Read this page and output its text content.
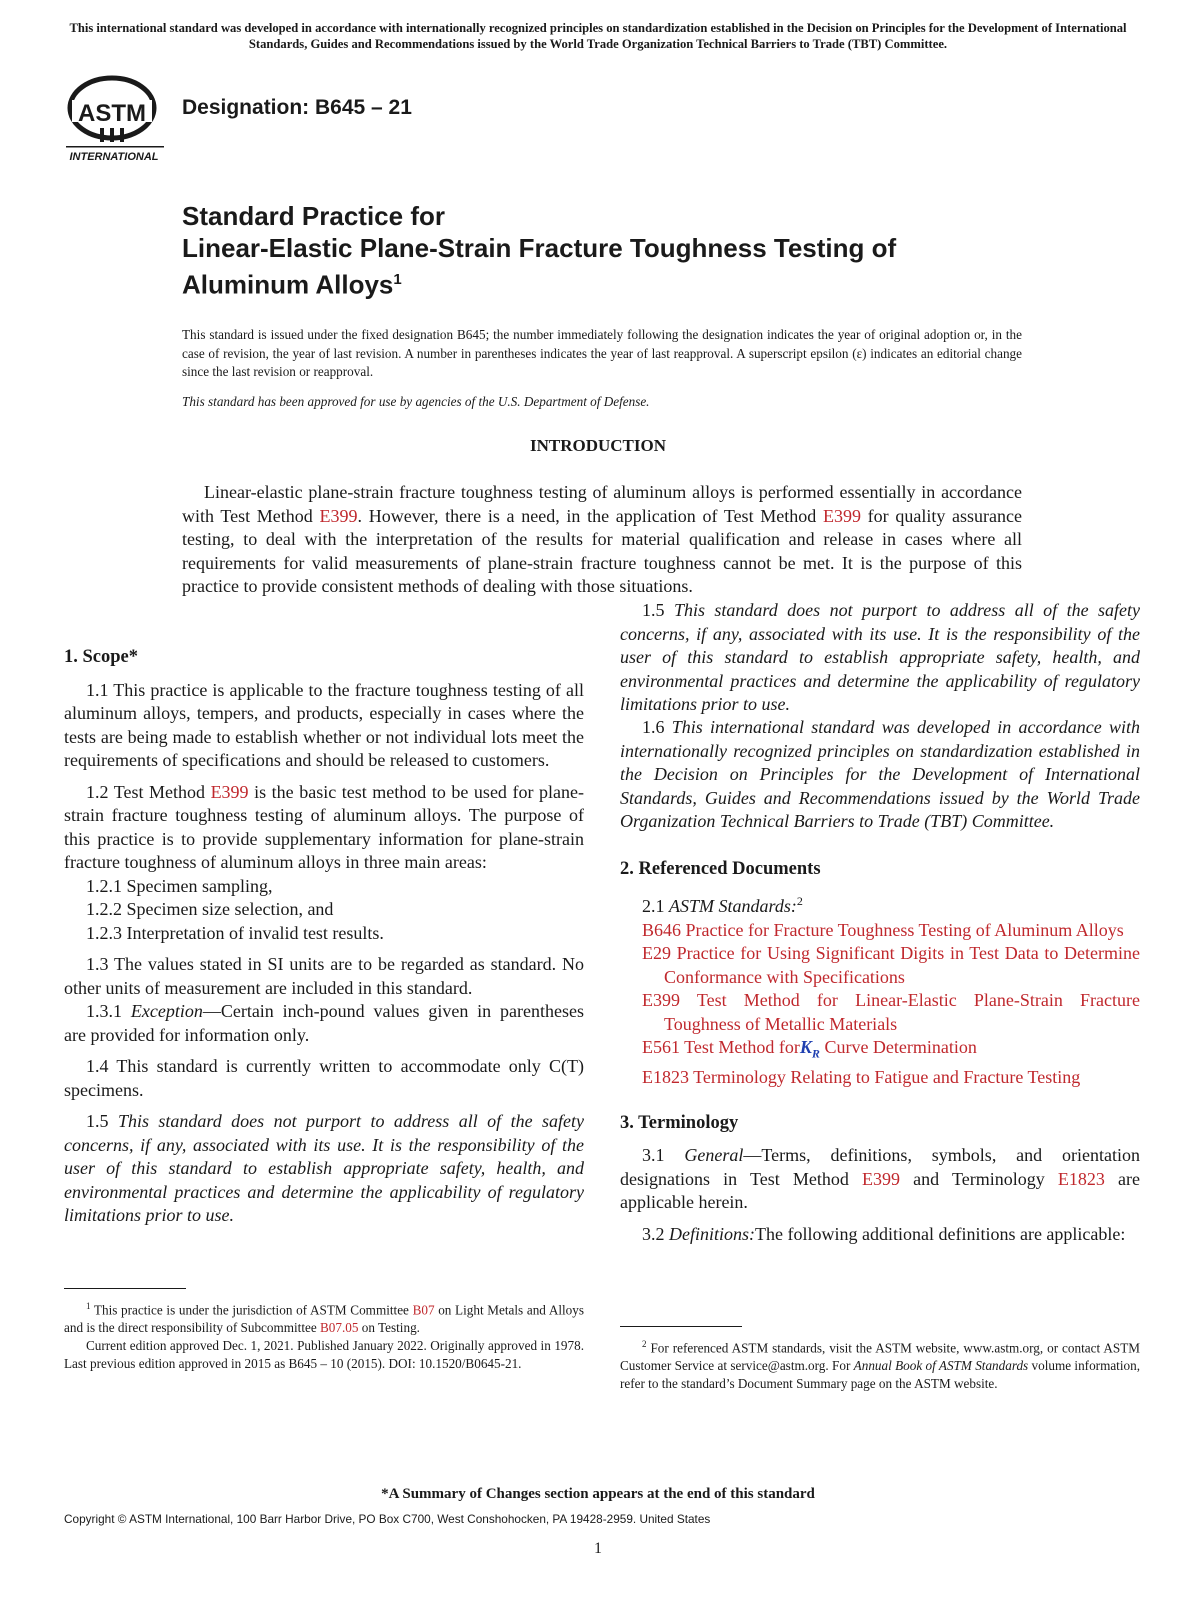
This international standard was developed in accordance with internationally recognized principles on standardization established in the Decision on Principles for the Development of International Standards, Guides and Recommendations issued by the World Trade Organization Technical Barriers to Trade (TBT) Committee.
ASTM
INTERNATIONAL
Designation: B645 – 21
Standard Practice for
Linear-Elastic Plane-Strain Fracture Toughness Testing of
Aluminum Alloys$^1$
This standard is issued under the fixed designation B645; the number immediately following the designation indicates the year of original adoption or, in the case of revision, the year of last revision. A number in parentheses indicates the year of last reapproval. A superscript epsilon (ε) indicates an editorial change since the last revision or reapproval.
This standard has been approved for use by agencies of the U.S. Department of Defense.
INTRODUCTION
Linear-elastic plane-strain fracture toughness testing of aluminum alloys is performed essentially in accordance with Test Method E399. However, there is a need, in the application of Test Method E399 for quality assurance testing, to deal with the interpretation of the results for material qualification and release in cases where all requirements for valid measurements of plane-strain fracture toughness cannot be met. It is the purpose of this practice to provide consistent methods of dealing with those situations.
1. Scope*

1.1 This practice is applicable to the fracture toughness testing of all aluminum alloys, tempers, and products, especially in cases where the tests are being made to establish whether or not individual lots meet the requirements of specifications and should be released to customers.

1.2 Test Method E399 is the basic test method to be used for plane-strain fracture toughness testing of aluminum alloys. The purpose of this practice is to provide supplementary information for plane-strain fracture toughness of aluminum alloys in three main areas:

1.2.1 Specimen sampling,

1.2.2 Specimen size selection, and

1.2.3 Interpretation of invalid test results.

1.3 The values stated in SI units are to be regarded as standard. No other units of measurement are included in this standard.

1.3.1 Exception—Certain inch-pound values given in parentheses are provided for information only.

1.4 This standard is currently written to accommodate only C(T) specimens.

1.5 This standard does not purport to address all of the safety concerns, if any, associated with its use. It is the responsibility of the user of this standard to establish appropriate safety, health, and environmental practices and determine the applicability of regulatory limitations prior to use.

$^1$ This practice is under the jurisdiction of ASTM Committee B07 on Light Metals and Alloys and is the direct responsibility of Subcommittee B07.05 on Testing.

Current edition approved Dec. 1, 2021. Published January 2022. Originally approved in 1978. Last previous edition approved in 2015 as B645 – 10 (2015). DOI: 10.1520/B0645-21.

1.5 This standard does not purport to address all of the safety concerns, if any, associated with its use. It is the responsibility of the user of this standard to establish appropriate safety, health, and environmental practices and determine the applicability of regulatory limitations prior to use.

1.6 This international standard was developed in accordance with internationally recognized principles on standardization established in the Decision on Principles for the Development of International Standards, Guides and Recommendations issued by the World Trade Organization Technical Barriers to Trade (TBT) Committee.

2. Referenced Documents

2.1 ASTM Standards:$^2$

B646 Practice for Fracture Toughness Testing of Aluminum Alloys

E29 Practice for Using Significant Digits in Test Data to Determine Conformance with Specifications

E399 Test Method for Linear-Elastic Plane-Strain Fracture Toughness of Metallic Materials

E561 Test Method forK$_R$ Curve Determination

E1823 Terminology Relating to Fatigue and Fracture Testing

3. Terminology

3.1 General—Terms, definitions, symbols, and orientation designations in Test Method E399 and Terminology E1823 are applicable herein.

3.2 Definitions:The following additional definitions are applicable:

$^2$ For referenced ASTM standards, visit the ASTM website, www.astm.org, or contact ASTM Customer Service at service@astm.org. For Annual Book of ASTM Standards volume information, refer to the standard’s Document Summary page on the ASTM website.

*A Summary of Changes section appears at the end of this standard
Copyright © ASTM International, 100 Barr Harbor Drive, PO Box C700, West Conshohocken, PA 19428-2959. United States
1
